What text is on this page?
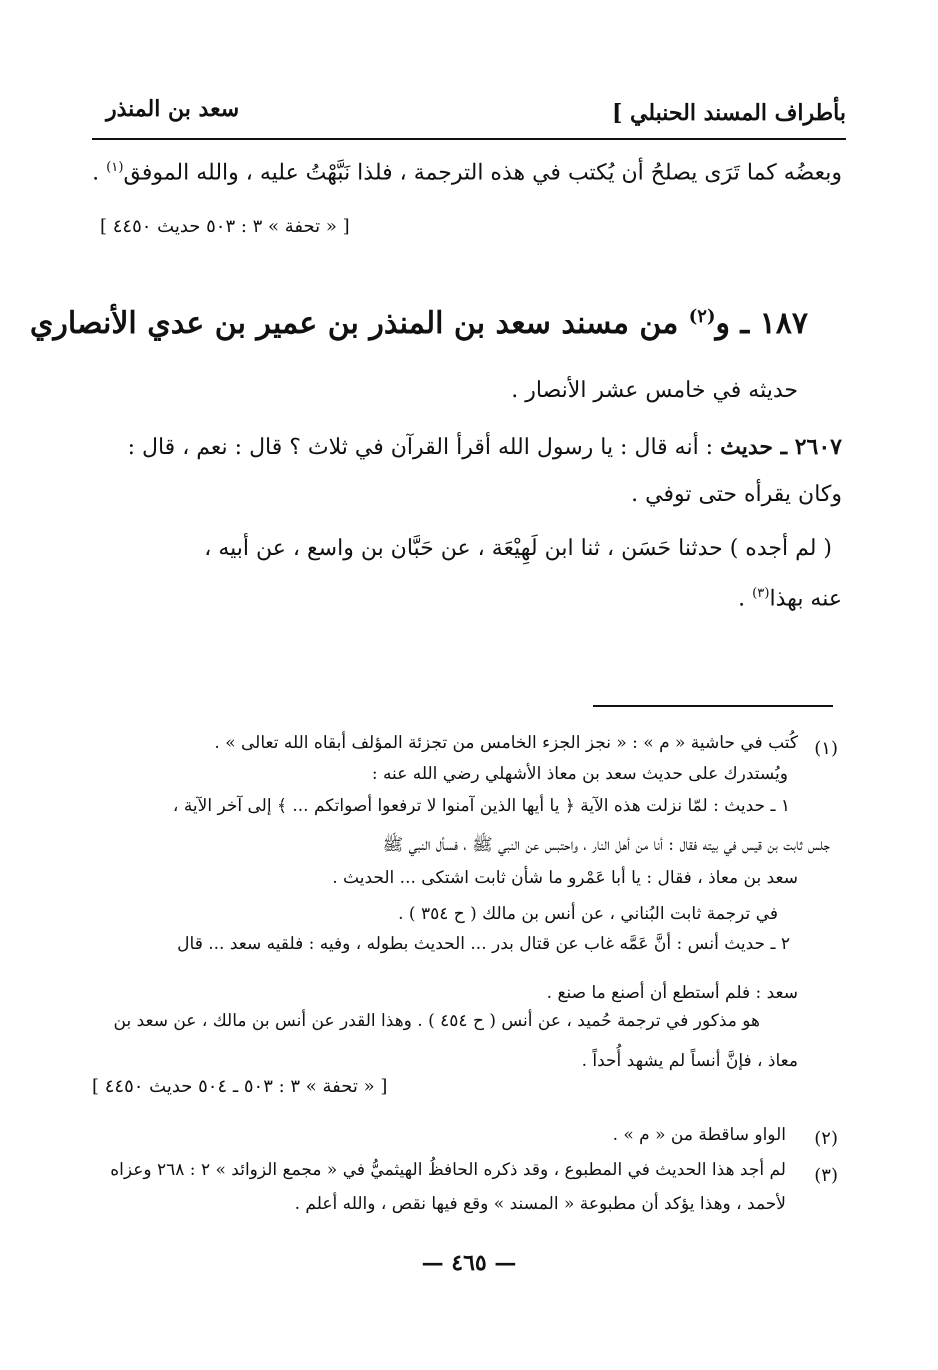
بأطراف المسند الحنبلي ]
سعد بن المنذر
وبعضُه كما تَرَى يصلحُ أن يُكتب في هذه الترجمة ، فلذا نَبَّهْتُ عليه ، والله الموفق$^{(١)}$ .
[ « تحفة » ٣ : ٥٠٣ حديث ٤٤٥٠ ]
١٨٧ ـ و$^{(٢)}$ من مسند سعد بن المنذر بن عمير بن عدي الأنصاري
حديثه في خامس عشر الأنصار .
٢٦٠٧ ـ حديث : أنه قال : يا رسول الله أقرأ القرآن في ثلاث ؟ قال : نعم ، قال :
وكان يقرأه حتى توفي .
( لم أجده ) حدثنا حَسَن ، ثنا ابن لَهِيْعَة ، عن حَبَّان بن واسع ، عن أبيه ،
عنه بهذا$^{(٣)}$ .
(١)
كُتب في حاشية « م » : « نجز الجزء الخامس من تجزئة المؤلف أبقاه الله تعالى » .
ويُستدرك على حديث سعد بن معاذ الأشهلي رضي الله عنه :
١ ـ حديث : لمّا نزلت هذه الآية ﴿ يا أيها الذين آمنوا لا ترفعوا أصواتكم ... ﴾ إلى آخر الآية ،
جلس ثابت بن قيس في بيته فقال : أنا من أهل النار ، واحتبس عن النبي ﷺ ، فسأل النبي ﷺ
سعد بن معاذ ، فقال : يا أبا عَمْرو ما شأن ثابت اشتكى ... الحديث .
في ترجمة ثابت البُناني ، عن أنس بن مالك ( ح ٣٥٤ ) .
٢ ـ حديث أنس : أنَّ عَمَّه غاب عن قتال بدر ... الحديث بطوله ، وفيه : فلقيه سعد ... قال
سعد : فلم أستطع أن أصنع ما صنع .
هو مذكور في ترجمة حُميد ، عن أنس ( ح ٤٥٤ ) . وهذا القدر عن أنس بن مالك ، عن سعد بن
معاذ ، فإنَّ أنساً لم يشهد أُحداً .
[ « تحفة » ٣ : ٥٠٣ ـ ٥٠٤ حديث ٤٤٥٠ ]
(٢)
الواو ساقطة من « م » .
(٣)
لم أجد هذا الحديث في المطبوع ، وقد ذكره الحافظُ الهيثميُّ في « مجمع الزوائد » ٢ : ٢٦٨ وعزاه
لأحمد ، وهذا يؤكد أن مطبوعة « المسند » وقع فيها نقص ، والله أعلم .
— ٤٦٥ —
